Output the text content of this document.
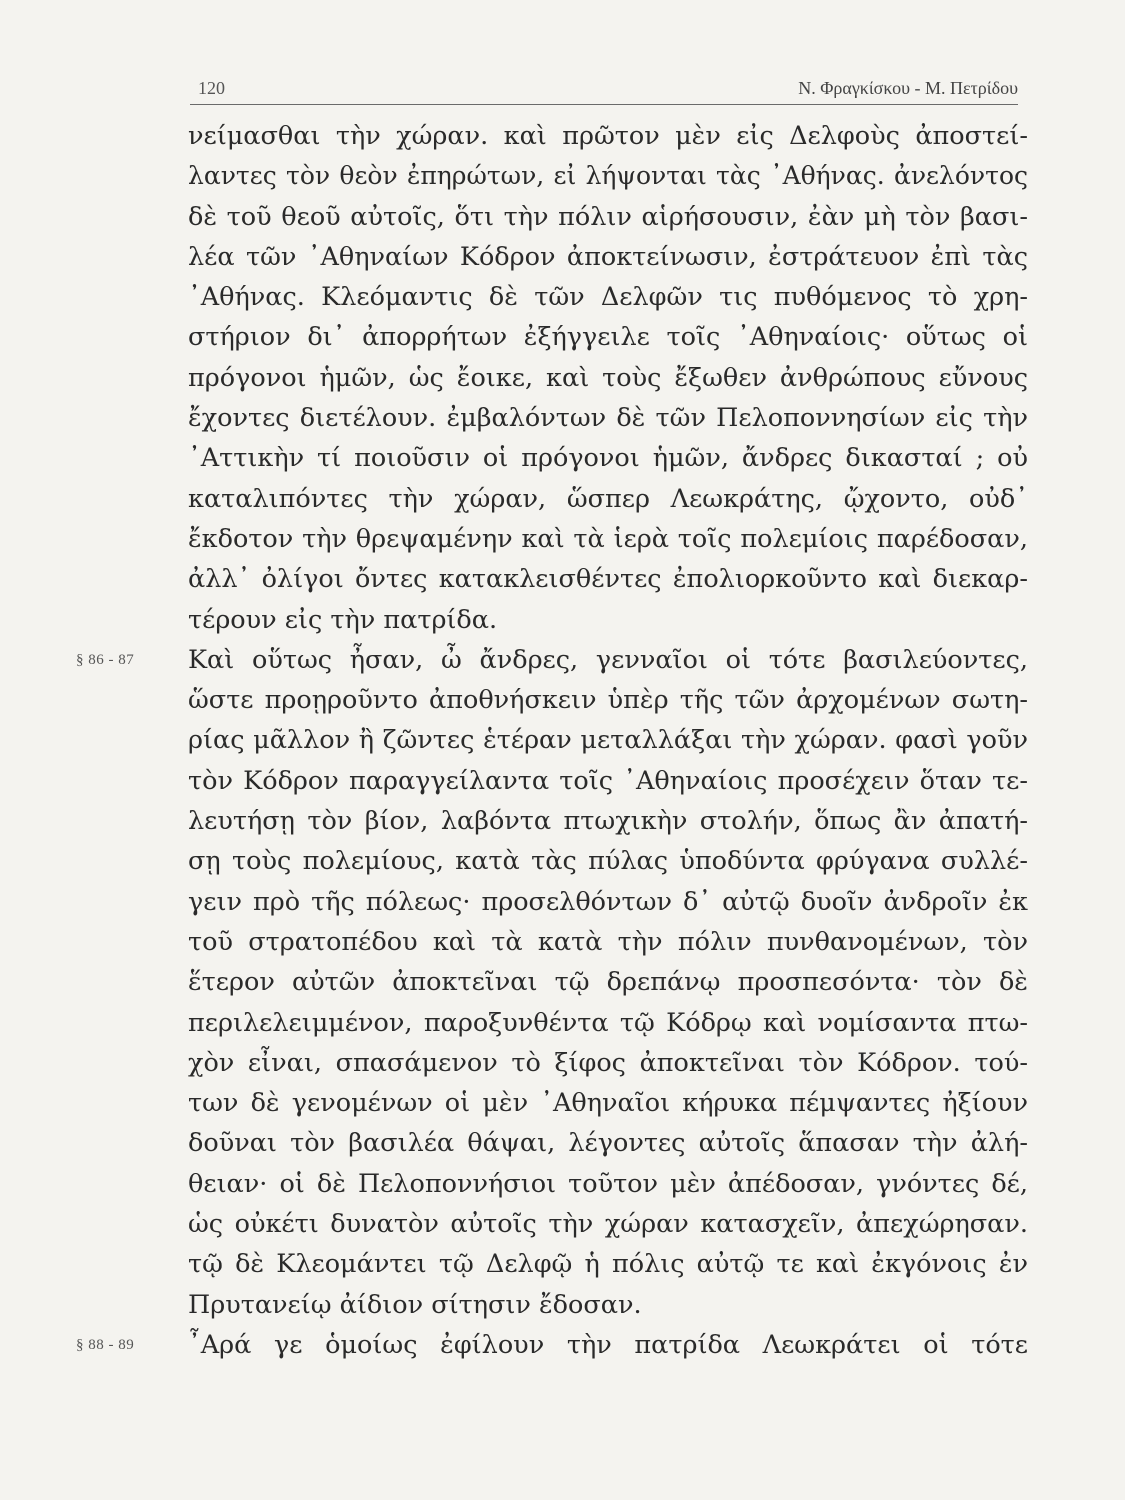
120	Ν. Φραγκίσκου - Μ. Πετρίδου
νείμασθαι τὴν χώραν. καὶ πρῶτον μὲν εἰς Δελφοὺς ἀποστεί-
λαντες τὸν θεὸν ἐπηρώτων, εἰ λήψονται τὰς ᾿Αθήνας. ἀνελόντος
δὲ τοῦ θεοῦ αὐτοῖς, ὅτι τὴν πόλιν αἱρήσουσιν, ἐὰν μὴ τὸν βασι-
λέα τῶν ᾿Αθηναίων Κόδρον ἀποκτείνωσιν, ἐστράτευον ἐπὶ τὰς
᾿Αθήνας. Κλεόμαντις δὲ τῶν Δελφῶν τις πυθόμενος τὸ χρη-
στήριον δι᾿ ἀπορρήτων ἐξήγγειλε τοῖς ᾿Αθηναίοις· οὕτως οἱ
πρόγονοι ἡμῶν, ὡς ἔοικε, καὶ τοὺς ἔξωθεν ἀνθρώπους εὔνους
ἔχοντες διετέλουν. ἐμβαλόντων δὲ τῶν Πελοποννησίων εἰς τὴν
᾿Αττικὴν τί ποιοῦσιν οἱ πρόγονοι ἡμῶν, ἄνδρες δικασταί ; οὐ
καταλιπόντες τὴν χώραν, ὥσπερ Λεωκράτης, ᾤχοντο, οὐδ᾿
ἔκδοτον τὴν θρεψαμένην καὶ τὰ ἱερὰ τοῖς πολεμίοις παρέδοσαν,
ἀλλ᾿ ὀλίγοι ὄντες κατακλεισθέντες ἐπολιορκοῦντο καὶ διεκαρ-
τέρουν εἰς τὴν πατρίδα.
§ 86 - 87 Καὶ οὕτως ἦσαν, ὦ ἄνδρες, γενναῖοι οἱ τότε βασιλεύοντες,
ὥστε προῃροῦντο ἀποθνήσκειν ὑπὲρ τῆς τῶν ἀρχομένων σωτη-
ρίας μᾶλλον ἢ ζῶντες ἑτέραν μεταλλάξαι τὴν χώραν. φασὶ γοῦν
τὸν Κόδρον παραγγείλαντα τοῖς ᾿Αθηναίοις προσέχειν ὅταν τε-
λευτήσῃ τὸν βίον, λαβόντα πτωχικὴν στολήν, ὅπως ἂν ἀπατή-
σῃ τοὺς πολεμίους, κατὰ τὰς πύλας ὑποδύντα φρύγανα συλλέ-
γειν πρὸ τῆς πόλεως· προσελθόντων δ᾿ αὐτῷ δυοῖν ἀνδροῖν ἐκ
τοῦ στρατοπέδου καὶ τὰ κατὰ τὴν πόλιν πυνθανομένων, τὸν
ἕτερον αὐτῶν ἀποκτεῖναι τῷ δρεπάνῳ προσπεσόντα· τὸν δὲ
περιλελειμμένον, παροξυνθέντα τῷ Κόδρῳ καὶ νομίσαντα πτω-
χὸν εἶναι, σπασάμενον τὸ ξίφος ἀποκτεῖναι τὸν Κόδρον. τού-
των δὲ γενομένων οἱ μὲν ᾿Αθηναῖοι κήρυκα πέμψαντες ἠξίουν
δοῦναι τὸν βασιλέα θάψαι, λέγοντες αὐτοῖς ἅπασαν τὴν ἀλή-
θειαν· οἱ δὲ Πελοποννήσιοι τοῦτον μὲν ἀπέδοσαν, γνόντες δέ,
ὡς οὐκέτι δυνατὸν αὐτοῖς τὴν χώραν κατασχεῖν, ἀπεχώρησαν.
τῷ δὲ Κλεομάντει τῷ Δελφῷ ἡ πόλις αὐτῷ τε καὶ ἐκγόνοις ἐν
Πρυτανείῳ ἀίδιον σίτησιν ἔδοσαν.
§ 88 - 89 ῏Αρά γε ὁμοίως ἐφίλουν τὴν πατρίδα Λεωκράτει οἱ τότε
